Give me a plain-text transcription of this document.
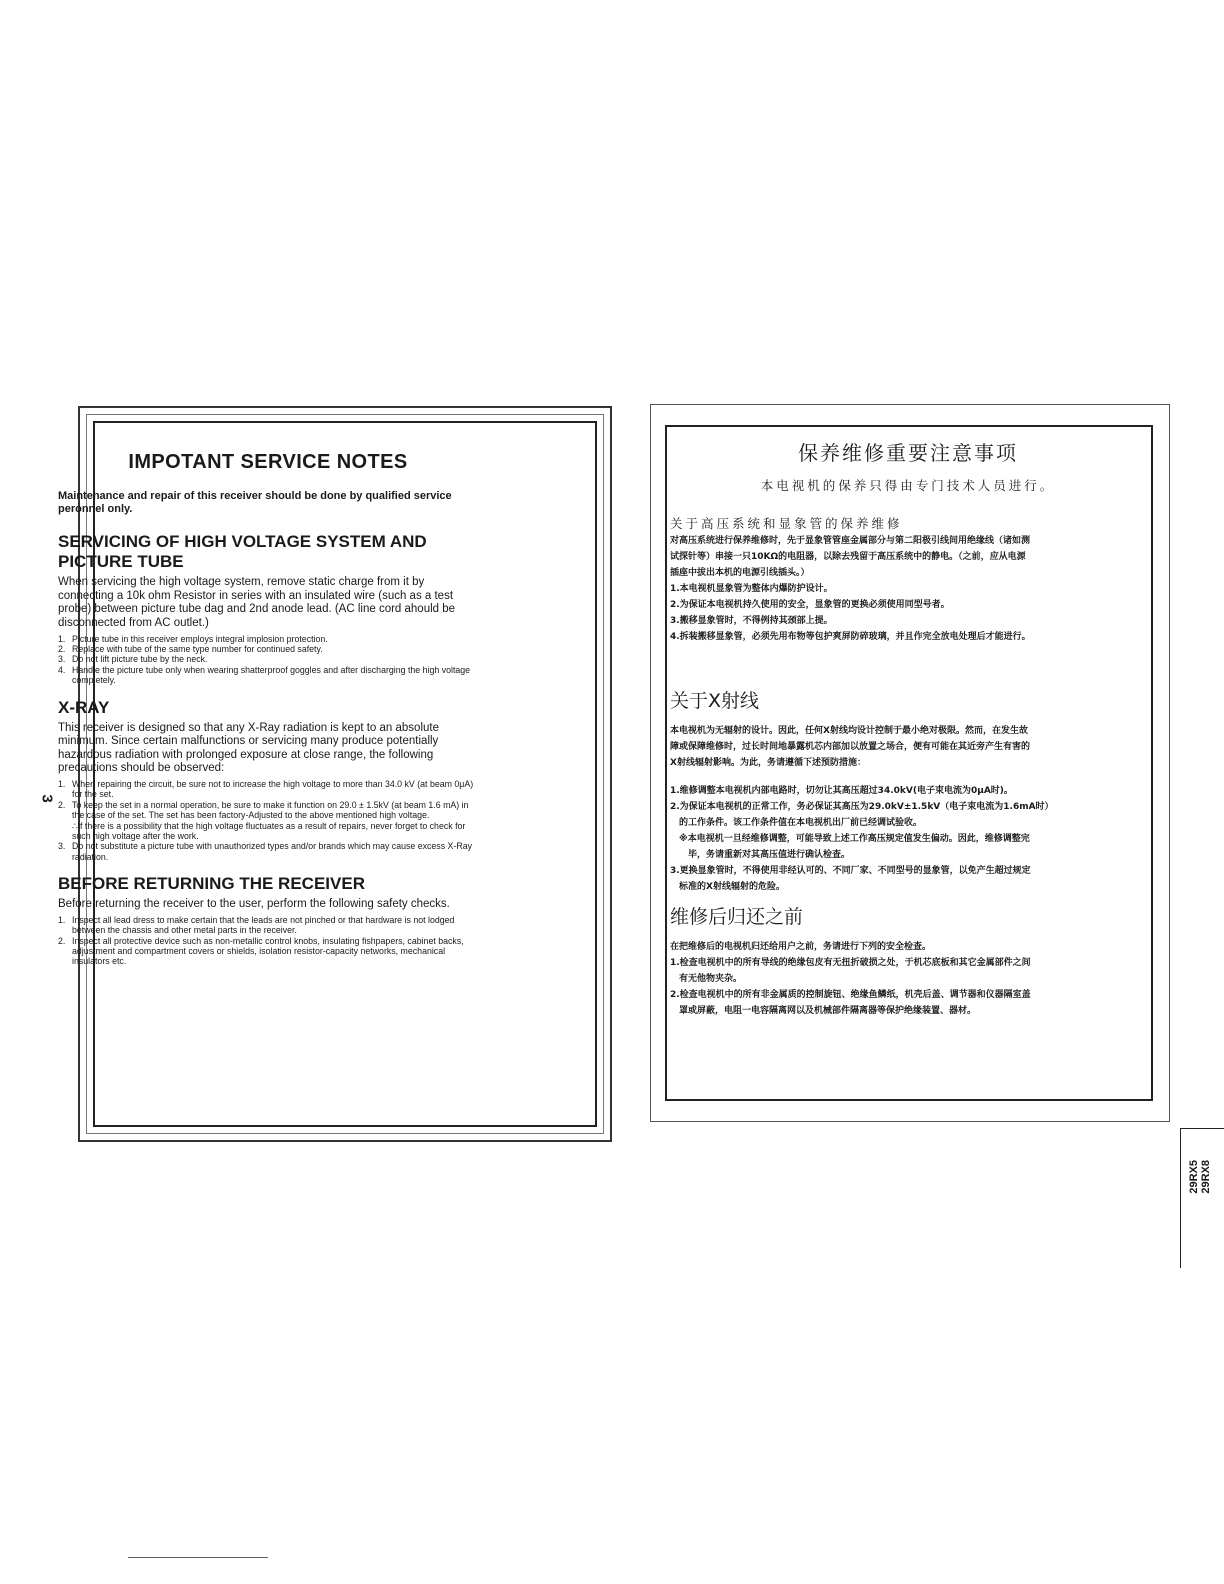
3
IMPOTANT SERVICE NOTES
Maintenance and repair of this receiver should be done by qualified service peronnel only.
SERVICING OF HIGH VOLTAGE SYSTEM AND PICTURE TUBE
When servicing the high voltage system, remove static charge from it by connecting a 10k ohm Resistor in series with an insulated wire (such as a test probe) between picture tube dag and 2nd anode lead. (AC line cord ahould be disconnected from AC outlet.)
1. Picture tube in this receiver employs integral implosion protection.
2. Replace with tube of the same type number for continued safety.
3. Do not lift picture tube by the neck.
4. Handle the picture tube only when wearing shatterproof goggles and after discharging the high voltage completely.
X-RAY
This receiver is designed so that any X-Ray radiation is kept to an absolute minimum. Since certain malfunctions or servicing many produce potentially hazardous radiation with prolonged exposure at close range, the following precautions should be observed:
1. When repairing the circuit, be sure not to increase the high voltage to more than 34.0 kV (at beam 0μA) for the set.
2. To keep the set in a normal operation, be sure to make it function on 29.0 ± 1.5kV (at beam 1.6 mA) in the case of the set. The set has been factory-Adjusted to the above mentioned high voltage.
∴If there is a possibility that the high voltage fluctuates as a result of repairs, never forget to check for such high voltage after the work.
3. Do not substitute a picture tube with unauthorized types and/or brands which may cause excess X-Ray radiation.
BEFORE RETURNING THE RECEIVER
Before returning the receiver to the user, perform the following safety checks.
1. Inspect all lead dress to make certain that the leads are not pinched or that hardware is not lodged between the chassis and other metal parts in the receiver.
2. Inspect all protective device such as non-metallic control knobs, insulating fishpapers, cabinet backs, adjustment and compartment covers or shields, isolation resistor-capacity networks, mechanical insulators etc.
保养维修重要注意事项
本电视机的保养只得由专门技术人员进行。
关于高压系统和显象管的保养维修
对高压系统进行保养维修时，先于显象管管座金属部分与第二阳极引线间用绝缘线（诸如测
试探针等）串接一只10KΩ的电阻器，以除去残留于高压系统中的静电。（之前，应从电源
插座中拔出本机的电源引线插头。）
1.本电视机显象管为整体内爆防护设计。
2.为保证本电视机持久使用的安全，显象管的更换必须使用同型号者。
3.搬移显象管时，不得例持其颈部上提。
4.拆装搬移显象管，必须先用布物等包护爽屏防碎玻璃，并且作完全放电处理后才能进行。
关于X射线
本电视机为无辐射的设计。因此，任何X射线均设计控制于最小绝对极限。然而，在发生故
障或保障维修时，过长时间地暴露机芯内部加以放置之场合，便有可能在其近旁产生有害的
X射线辐射影响。为此，务请遵循下述预防措施：
1.维修调整本电视机内部电路时，切勿让其高压超过34.0kV(电子束电流为0μA时)。
2.为保证本电视机的正常工作，务必保证其高压为29.0kV±1.5kV（电子束电流为1.6mA时）
　的工作条件。该工作条件值在本电视机出厂前已经调试验收。
　※本电视机一旦经维修调整，可能导致上述工作高压规定值发生偏动。因此，维修调整完
　　毕，务请重新对其高压值进行确认检查。
3.更换显象管时，不得使用非经认可的、不同厂家、不同型号的显象管，以免产生超过规定
　标准的X射线辐射的危险。
维修后归还之前
在把维修后的电视机归还给用户之前，务请进行下列的安全检查。
1.检查电视机中的所有导线的绝缘包皮有无扭折破损之处，于机芯底板和其它金属部件之间
　有无他物夹杂。
2.检查电视机中的所有非金属质的控制旋钮、绝缘鱼鳞纸，机壳后盖、调节器和仪器隔室盖
　罩或屏蔽，电阻一电容隔离网以及机械部件隔离器等保护绝缘装置、器材。
29RX5
29RX8
